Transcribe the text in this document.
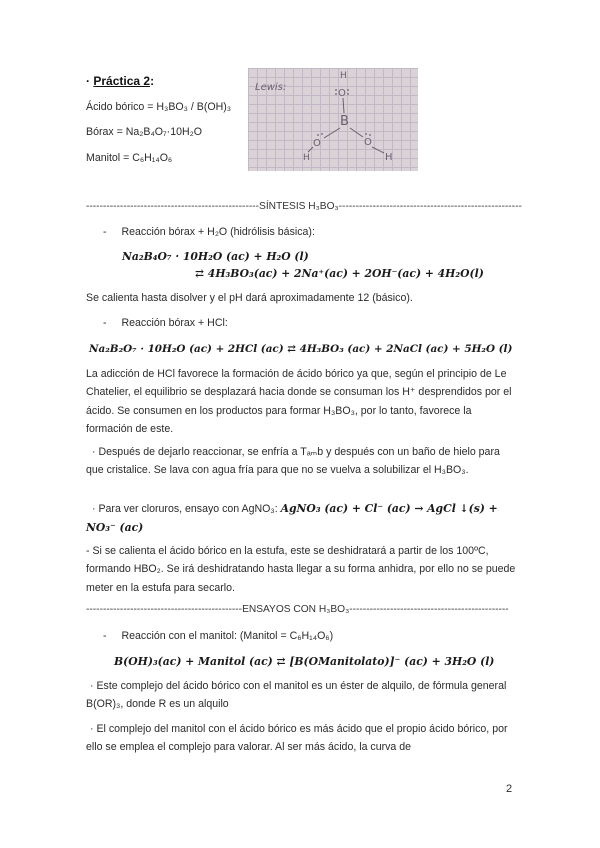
· Práctica 2:
Ácido bórico = H₃BO₃ / B(OH)₃
Bórax = Na₂B₄O₇·10H₂O
Manitol = C₆H₁₄O₆
Lewis:
H
O
B
O	O
H	H
---------------------------------------------------SÍNTESIS H₃BO₃------------------------------------------------------
- Reacción bórax + H₂O (hidrólisis básica):
Na₂B₄O₇ · 10H₂O (ac) + H₂O (l)
⇄ 4H₃BO₃(ac) + 2Na⁺(ac) + 2OH⁻(ac) + 4H₂O(l)
Se calienta hasta disolver y el pH dará aproximadamente 12 (básico).
- Reacción bórax + HCl:
Na₂B₂O₇ · 10H₂O (ac) + 2HCl (ac) ⇄ 4H₃BO₃ (ac) + 2NaCl (ac) + 5H₂O (l)

La adicción de HCl favorece la formación de ácido bórico ya que, según el principio de Le Chatelier, el equilibrio se desplazará hacia donde se consuman los H⁺ desprendidos por el ácido. Se consumen en los productos para formar H₃BO₃, por lo tanto, favorece la formación de este.

· Después de dejarlo reaccionar, se enfría a Tₐₘb y después con un baño de hielo para que cristalice. Se lava con agua fría para que no se vuelva a solubilizar el H₃BO₃.

· Para ver cloruros, ensayo con AgNO₃: AgNO₃ (ac) + Cl⁻ (ac) → AgCl ↓(s) +
NO₃⁻ (ac)

- Si se calienta el ácido bórico en la estufa, este se deshidratará a partir de los 100ºC, formando HBO₂. Se irá deshidratando hasta llegar a su forma anhidra, por ello no se puede meter en la estufa para secarlo.

----------------------------------------------ENSAYOS CON H₃BO₃-----------------------------------------------
- Reacción con el manitol: (Manitol = C₆H₁₄O₆)
B(OH)₃(ac) + Manitol (ac) ⇄ [B(OManitolato)]⁻ (ac) + 3H₂O (l)

· Este complejo del ácido bórico con el manitol es un éster de alquilo, de fórmula general B(OR)₃, donde R es un alquilo

· El complejo del manitol con el ácido bórico es más ácido que el propio ácido bórico, por ello se emplea el complejo para valorar. Al ser más ácido, la curva de

2
